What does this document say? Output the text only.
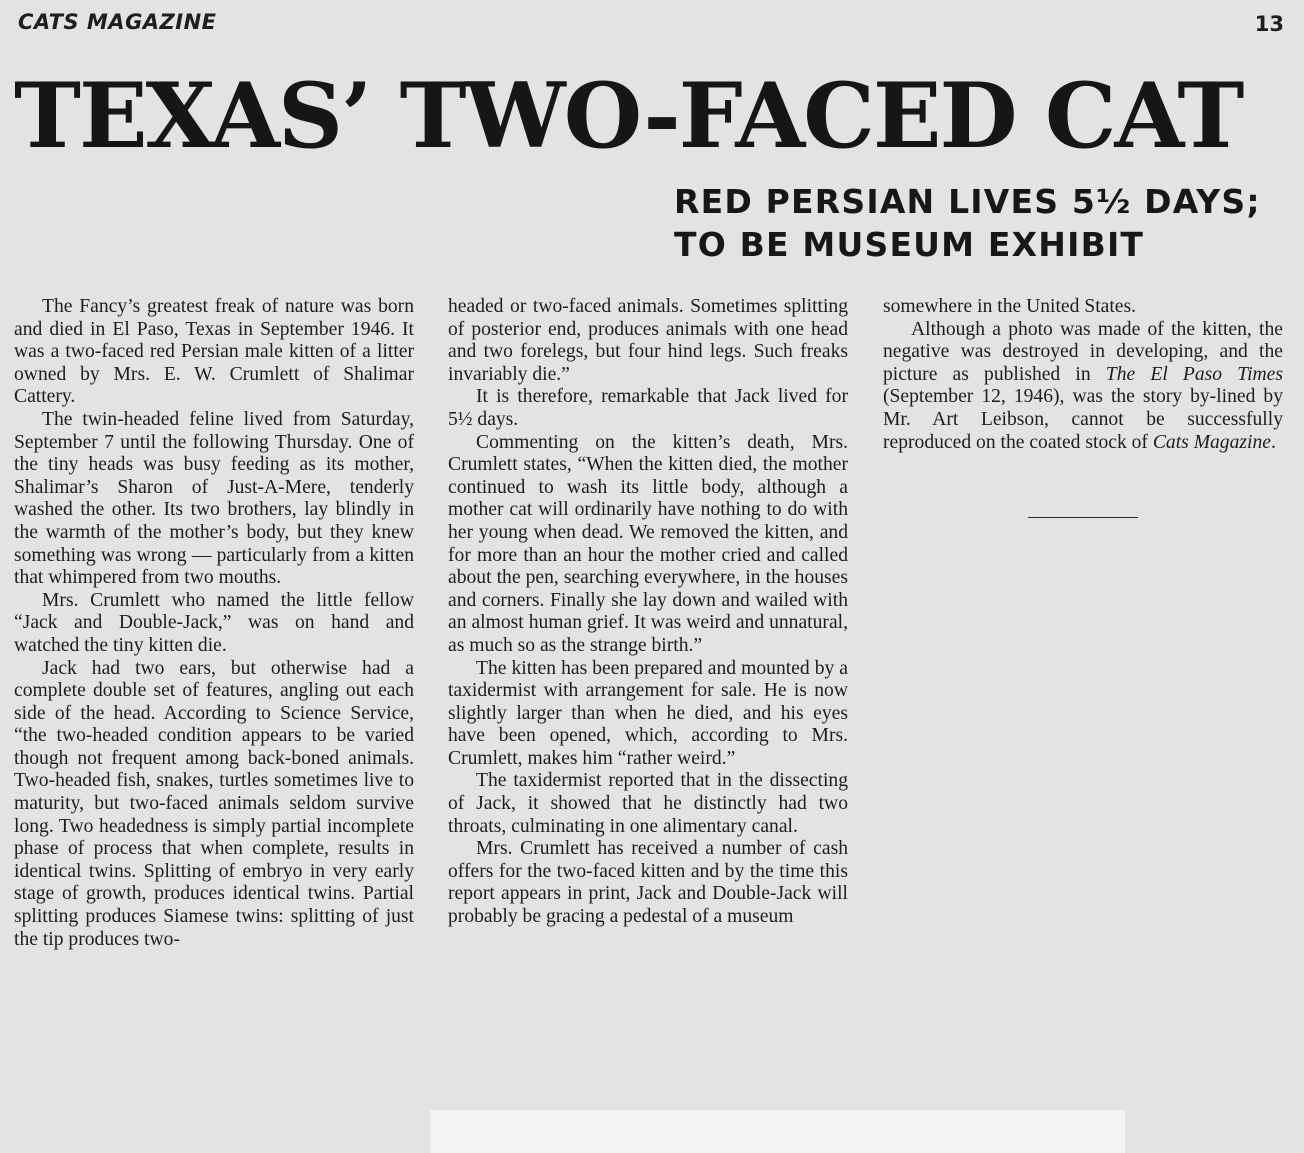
CATS MAGAZINE	13
TEXAS’ TWO-FACED CAT
RED PERSIAN LIVES 5½ DAYS;
TO BE MUSEUM EXHIBIT

The Fancy’s greatest freak of nature was born and died in El Paso, Texas in September 1946. It was a two-faced red Persian male kitten of a litter owned by Mrs. E. W. Crumlett of Shalimar Cattery.

The twin-headed feline lived from Saturday, September 7 until the following Thursday. One of the tiny heads was busy feeding as its mother, Shalimar’s Sharon of Just-A-Mere, tenderly washed the other. Its two brothers, lay blindly in the warmth of the mother’s body, but they knew something was wrong — particularly from a kitten that whimpered from two mouths.

Mrs. Crumlett who named the little fellow “Jack and Double-Jack,” was on hand and watched the tiny kitten die.

Jack had two ears, but otherwise had a complete double set of features, angling out each side of the head. According to Science Service, “the two-headed condition appears to be varied though not frequent among back-boned animals. Two-headed fish, snakes, turtles sometimes live to maturity, but two-faced animals seldom survive long. Two headedness is simply partial incomplete phase of process that when complete, results in identical twins. Splitting of embryo in very early stage of growth, produces identical twins. Partial splitting produces Siamese twins: splitting of just the tip produces two-

headed or two-faced animals. Sometimes splitting of posterior end, produces animals with one head and two forelegs, but four hind legs. Such freaks invariably die.”

It is therefore, remarkable that Jack lived for 5½ days.

Commenting on the kitten’s death, Mrs. Crumlett states, “When the kitten died, the mother continued to wash its little body, although a mother cat will ordinarily have nothing to do with her young when dead. We removed the kitten, and for more than an hour the mother cried and called about the pen, searching everywhere, in the houses and corners. Finally she lay down and wailed with an almost human grief. It was weird and unnatural, as much so as the strange birth.”

The kitten has been prepared and mounted by a taxidermist with arrangement for sale. He is now slightly larger than when he died, and his eyes have been opened, which, according to Mrs. Crumlett, makes him “rather weird.”

The taxidermist reported that in the dissecting of Jack, it showed that he distinctly had two throats, culminating in one alimentary canal.

Mrs. Crumlett has received a number of cash offers for the two-faced kitten and by the time this report appears in print, Jack and Double-Jack will probably be gracing a pedestal of a museum

somewhere in the United States.

Although a photo was made of the kitten, the negative was destroyed in developing, and the picture as published in The El Paso Times (September 12, 1946), was the story by-lined by Mr. Art Leibson, cannot be successfully reproduced on the coated stock of Cats Magazine.
